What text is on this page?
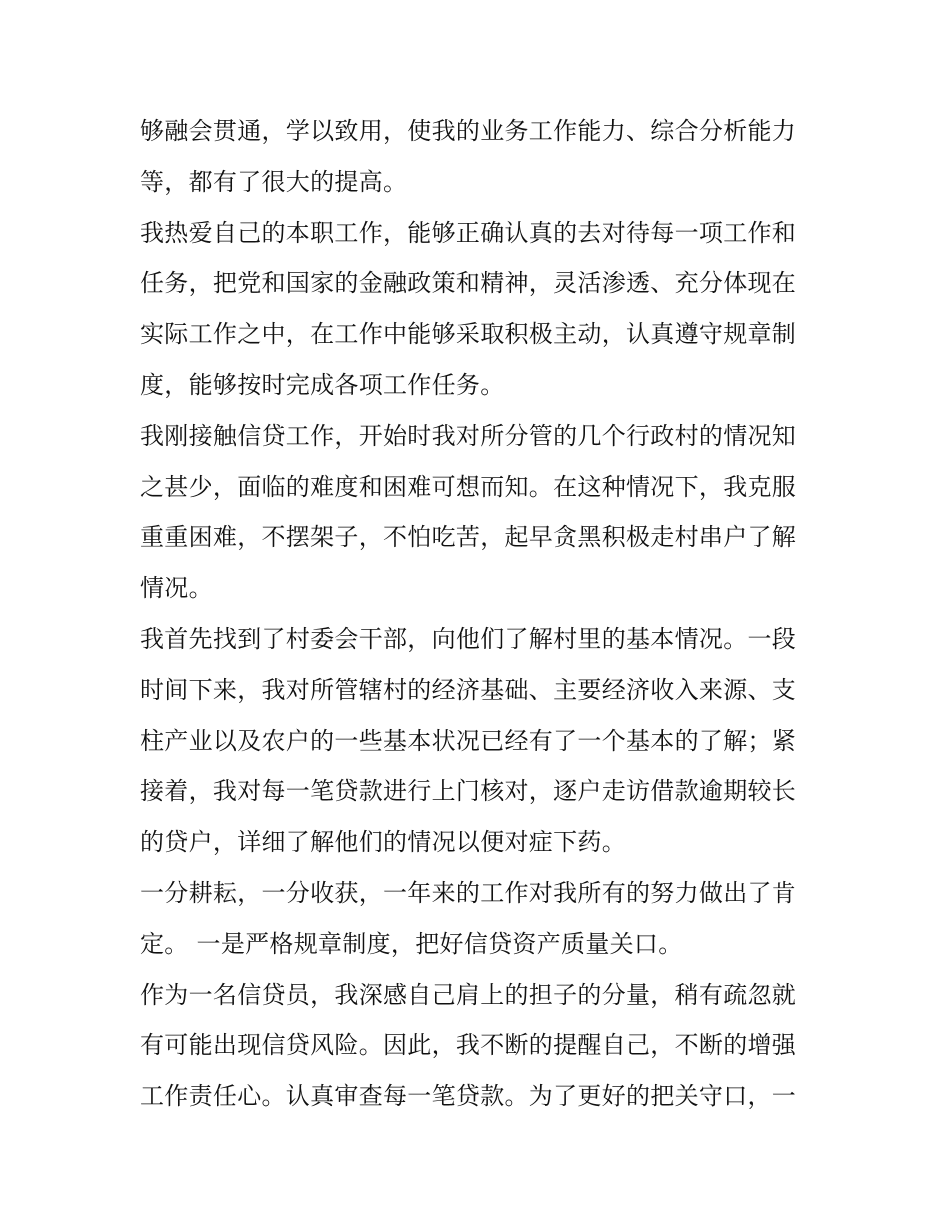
够融会贯通，学以致用，使我的业务工作能力、综合分析能力
等，都有了很大的提高。
我热爱自己的本职工作，能够正确认真的去对待每一项工作和
任务，把党和国家的金融政策和精神，灵活渗透、充分体现在
实际工作之中，在工作中能够采取积极主动，认真遵守规章制
度，能够按时完成各项工作任务。
我刚接触信贷工作，开始时我对所分管的几个行政村的情况知
之甚少，面临的难度和困难可想而知。在这种情况下，我克服
重重困难，不摆架子，不怕吃苦，起早贪黑积极走村串户了解
情况。
我首先找到了村委会干部，向他们了解村里的基本情况。一段
时间下来，我对所管辖村的经济基础、主要经济收入来源、支
柱产业以及农户的一些基本状况已经有了一个基本的了解；紧
接着，我对每一笔贷款进行上门核对，逐户走访借款逾期较长
的贷户，详细了解他们的情况以便对症下药。
一分耕耘，一分收获，一年来的工作对我所有的努力做出了肯
定。 一是严格规章制度，把好信贷资产质量关口。
作为一名信贷员，我深感自己肩上的担子的分量，稍有疏忽就
有可能出现信贷风险。因此，我不断的提醒自己，不断的增强
工作责任心。认真审查每一笔贷款。为了更好的把关守口，一
